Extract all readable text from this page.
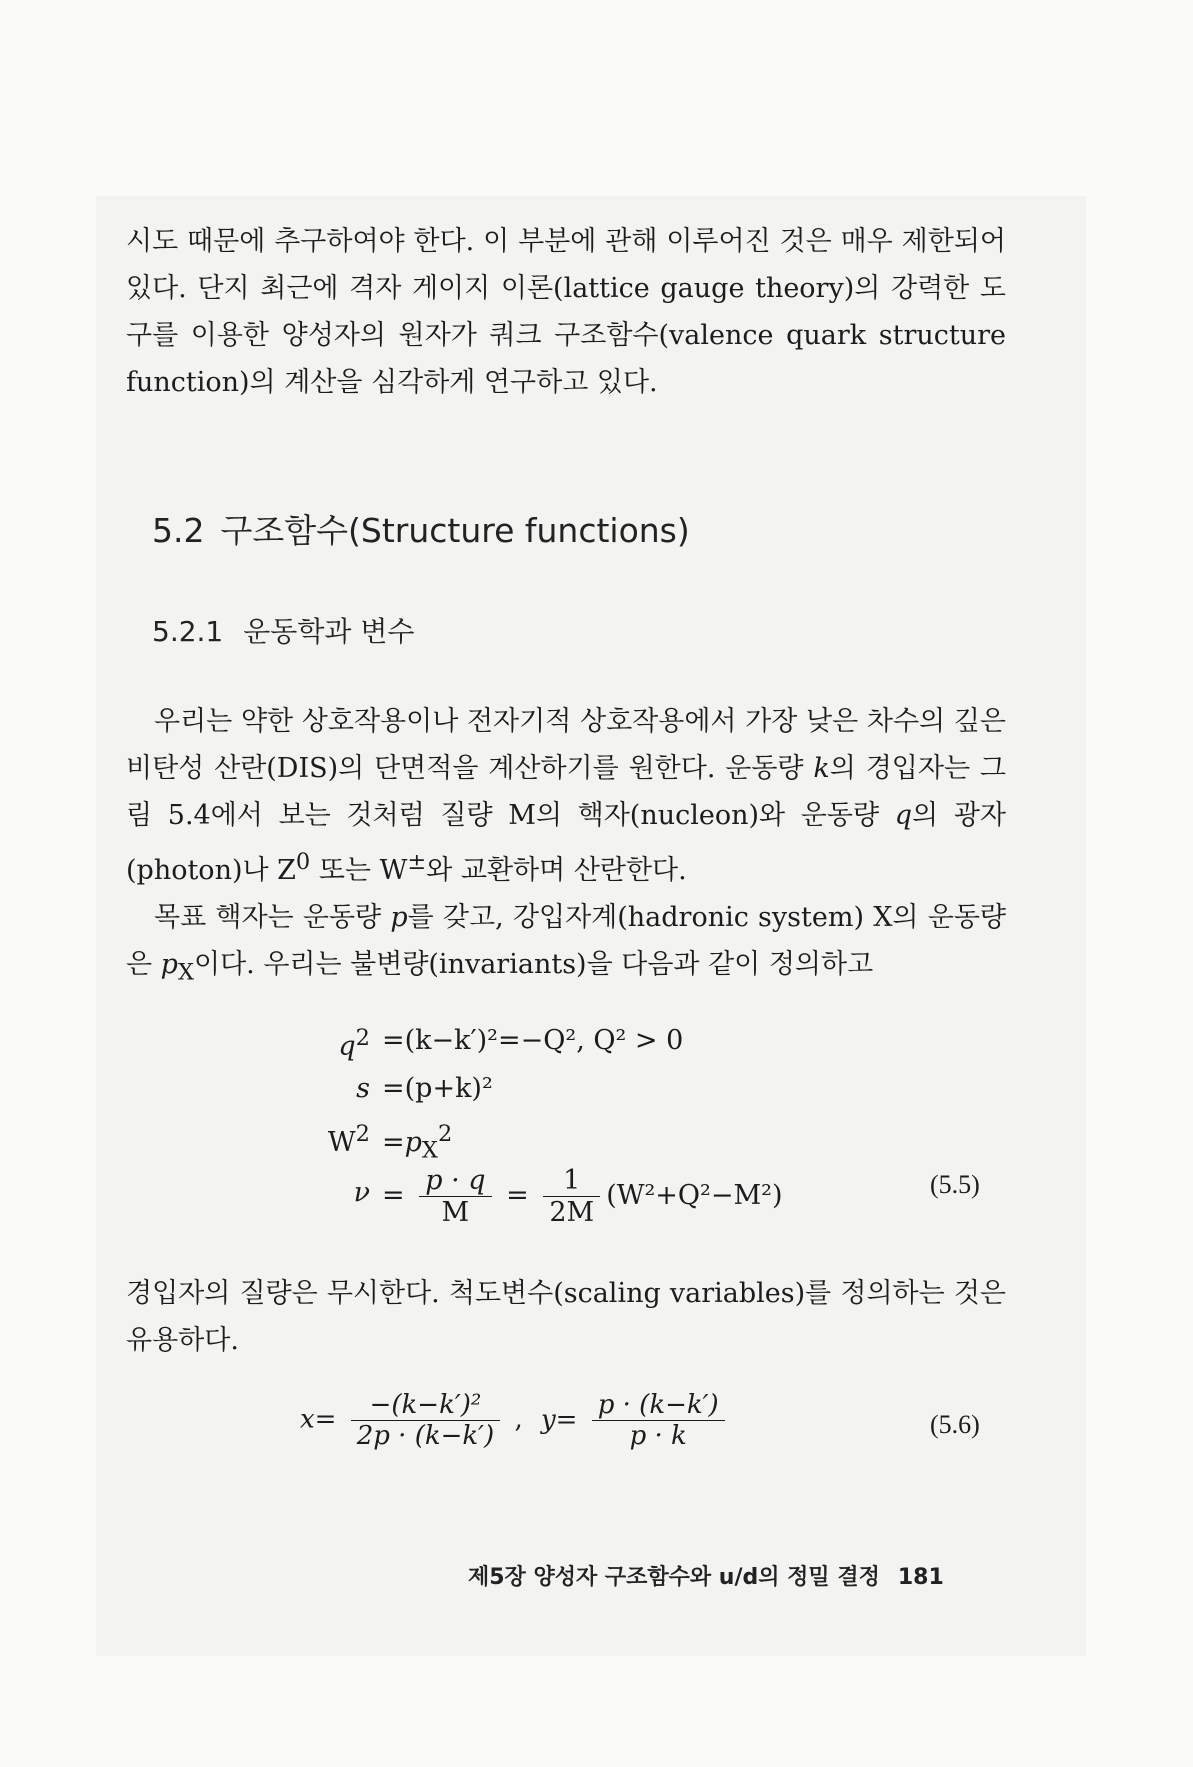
시도 때문에 추구하여야 한다. 이 부분에 관해 이루어진 것은 매우 제한되어 있다. 단지 최근에 격자 게이지 이론(lattice gauge theory)의 강력한 도구를 이용한 양성자의 원자가 쿼크 구조함수(valence quark structure function)의 계산을 심각하게 연구하고 있다.

5.2 구조함수(Structure functions)
5.2.1 운동학과 변수

우리는 약한 상호작용이나 전자기적 상호작용에서 가장 낮은 차수의 깊은 비탄성 산란(DIS)의 단면적을 계산하기를 원한다. 운동량 k의 경입자는 그림 5.4에서 보는 것처럼 질량 M의 핵자(nucleon)와 운동량 q의 광자(photon)나 $Z^0$ 또는 W±와 교환하며 산란한다.

목표 핵자는 운동량 p를 갖고, 강입자계(hadronic system) X의 운동량은 $p_X$이다. 우리는 불변량(invariants)을 다음과 같이 정의하고

$q^2 =(k-k')^2=-Q^2$, Q² > 0
s =(p+k)²
$W^2 =p_X^2$
$\nu = \frac{p \cdot q}{M} = \frac{1}{2M} (W^2+Q^2-M^2)$	(5.5)

경입자의 질량은 무시한다. 척도변수(scaling variables)를 정의하는 것은 유용하다.

$x= \frac{\text{−(k−k′)²}}{2p \cdot (k-k')}$ , $y= \frac{p \cdot (k-k')}{p \cdot k}$	(5.6)
제5장 양성자 구조함수와 u/d의 정밀 결정 181
